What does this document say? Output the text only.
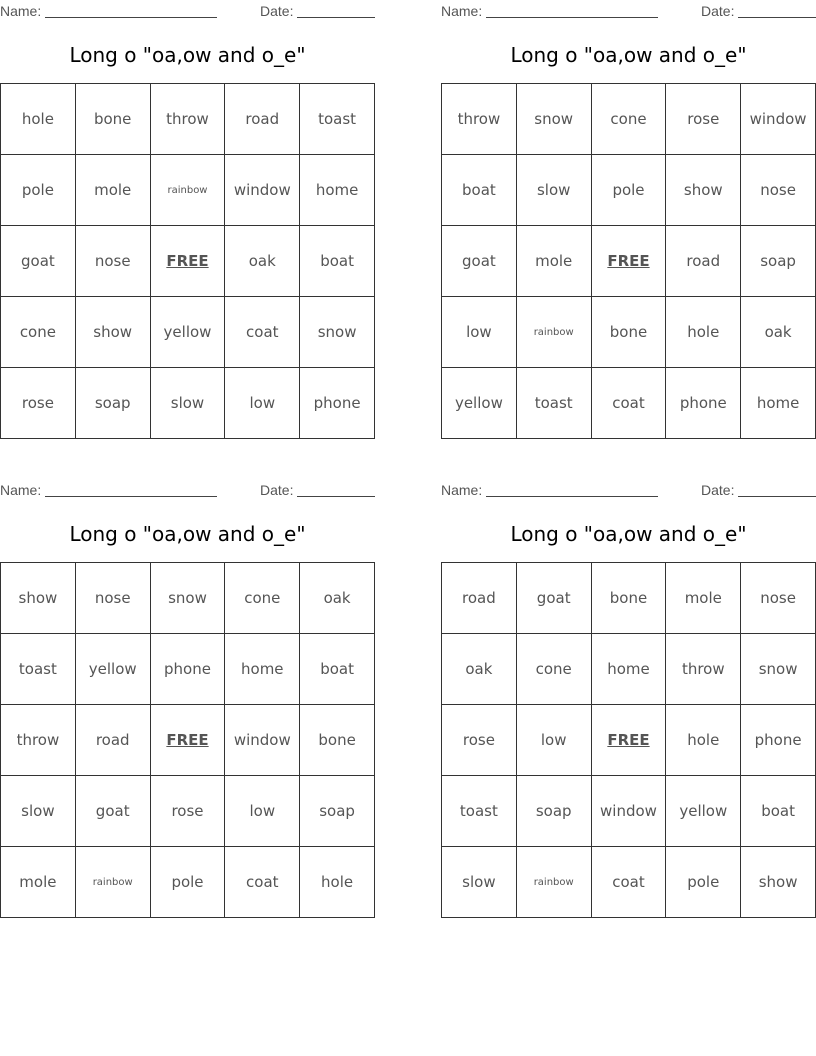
Name:	Date:
Long o "oa,ow and o_e"
hole	bone	throw	road	toast
pole	mole	rainbow	window	home
goat	nose	FREE	oak	boat
cone	show	yellow	coat	snow
rose	soap	slow	low	phone
Name:	Date:
Long o "oa,ow and o_e"
throw	snow	cone	rose	window
boat	slow	pole	show	nose
goat	mole	FREE	road	soap
low	rainbow	bone	hole	oak
yellow	toast	coat	phone	home
Name:	Date:
Long o "oa,ow and o_e"
show	nose	snow	cone	oak
toast	yellow	phone	home	boat
throw	road	FREE	window	bone
slow	goat	rose	low	soap
mole	rainbow	pole	coat	hole
Name:	Date:
Long o "oa,ow and o_e"
road	goat	bone	mole	nose
oak	cone	home	throw	snow
rose	low	FREE	hole	phone
toast	soap	window	yellow	boat
slow	rainbow	coat	pole	show
